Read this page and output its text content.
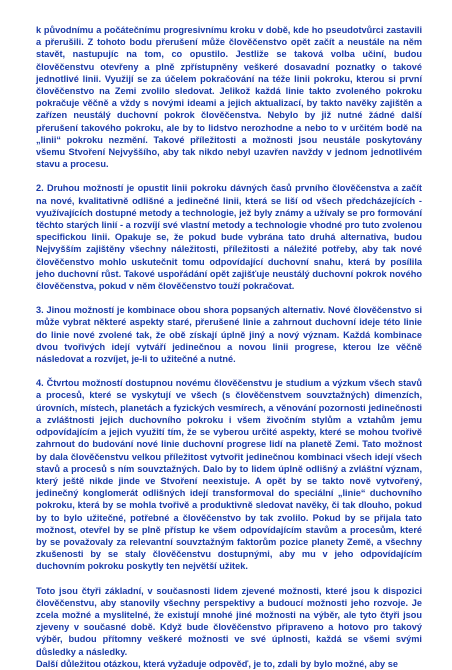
k původnímu a počátečnímu progresivnímu kroku v době, kde ho pseudotvůrci zastavili a přerušili. Z tohoto bodu přerušení může člověčenstvo opět začít a neustále na něm stavět, nastupujíc na tom, co opustilo. Jestliže se taková volba učiní, budou člověčenstvu otevřeny a plně zpřístupněny veškeré dosavadní poznatky o takové jednotlivé linii. Využijí se za účelem pokračování na téže linii pokroku, kterou si první člověčenstvo na Zemi zvolilo sledovat. Jelikož každá linie takto zvoleného pokroku pokračuje věčně a vždy s novými ideami a jejich aktualizací, by takto navěky zajištěn a zařízen neustálý duchovní pokrok člověčenstva. Nebylo by již nutné žádné další přerušení takového pokroku, ale by to lidstvo nerozhodne a nebo to v určitém bodě na „linii“ pokroku nezmění. Takové příležitosti a možnosti jsou neustále poskytovány všemu Stvoření Nejvyššího, aby tak nikdo nebyl uzavřen navždy v jednom jednotlivém stavu a procesu.

2. Druhou možností je opustit linii pokroku dávných časů prvního člověčenstva a začít na nové, kvalitativně odlišné a jedinečné linii, která se liší od všech předcházejících - využívajících dostupné metody a technologie, jež byly známy a užívaly se pro formování těchto starých linií - a rozvíjí své vlastní metody a technologie vhodné pro tuto zvolenou specifickou linii. Opakuje se, že pokud bude vybrána tato druhá alternativa, budou Nejvyšším zajištěny všechny náležitosti, příležitosti a náležité potřeby, aby tak nové člověčenstvo mohlo uskutečnit tomu odpovídající duchovní snahu, která by posílila jeho duchovní růst. Takové uspořádání opět zajišťuje neustálý duchovní pokrok nového člověčenstva, pokud v něm člověčenstvo touží pokračovat.

3. Jinou možností je kombinace obou shora popsaných alternativ. Nové člověčenstvo si může vybrat některé aspekty staré, přerušené linie a zahrnout duchovní ideje této linie do linie nové zvolené tak, že obě získají úplně jiný a nový význam. Každá kombinace dvou tvořivých idejí vytváří jedinečnou a novou linii progrese, kterou lze věčně následovat a rozvíjet, je-li to užitečné a nutné.

4. Čtvrtou možností dostupnou novému člověčenstvu je studium a výzkum všech stavů a procesů, které se vyskytují ve všech (s člověčenstvem souvztažných) dimenzích, úrovních, místech, planetách a fyzických vesmírech, a věnování pozornosti jedinečnosti a zvláštnosti jejich duchovního pokroku i všem živočním stylům a vztahům jemu odpovídajícím a jejich využití tím, že se vyberou určité aspekty, které se mohou tvořivě zahrnout do budování nové linie duchovní progrese lidí na planetě Zemi. Tato možnost by dala člověčenstvu velkou příležitost vytvořit jedinečnou kombinaci všech idejí všech stavů a procesů s ním souvztažných. Dalo by to lidem úplně odlišný a zvláštní význam, který ještě nikde jinde ve Stvoření neexistuje. A opět by se takto nově vytvořený, jedinečný konglomerát odlišných idejí transformoval do speciální „linie“ duchovního pokroku, která by se mohla tvořivě a produktivně sledovat navěky, či tak dlouho, pokud by to bylo užitečné, potřebné a člověčenstvo by tak zvolilo. Pokud by se přijala tato možnost, otevřel by se plně přístup ke všem odpovídajícím stavům a procesům, které by se považovaly za relevantní souvztažným faktorům pozice planety Země, a všechny zkušenosti by se staly člověčenstvu dostupnými, aby mu v jeho odpovídajícím duchovním pokroku poskytly ten největší užitek.

Toto jsou čtyři základní, v současnosti lidem zjevené možnosti, které jsou k dispozici člověčenstvu, aby stanovily všechny perspektivy a budoucí možnosti jeho rozvoje. Je zcela možné a myslitelné, že existují mnohé jiné možnosti na výběr, ale tyto čtyři jsou zjeveny v současné době. Když bude člověčenstvo připraveno a hotovo pro takový výběr, budou přítomny veškeré možnosti ve své úplnosti, každá se všemi svými důsledky a následky.

Další důležitou otázkou, která vyžaduje odpověď, je to, zdali by bylo možné, aby se
